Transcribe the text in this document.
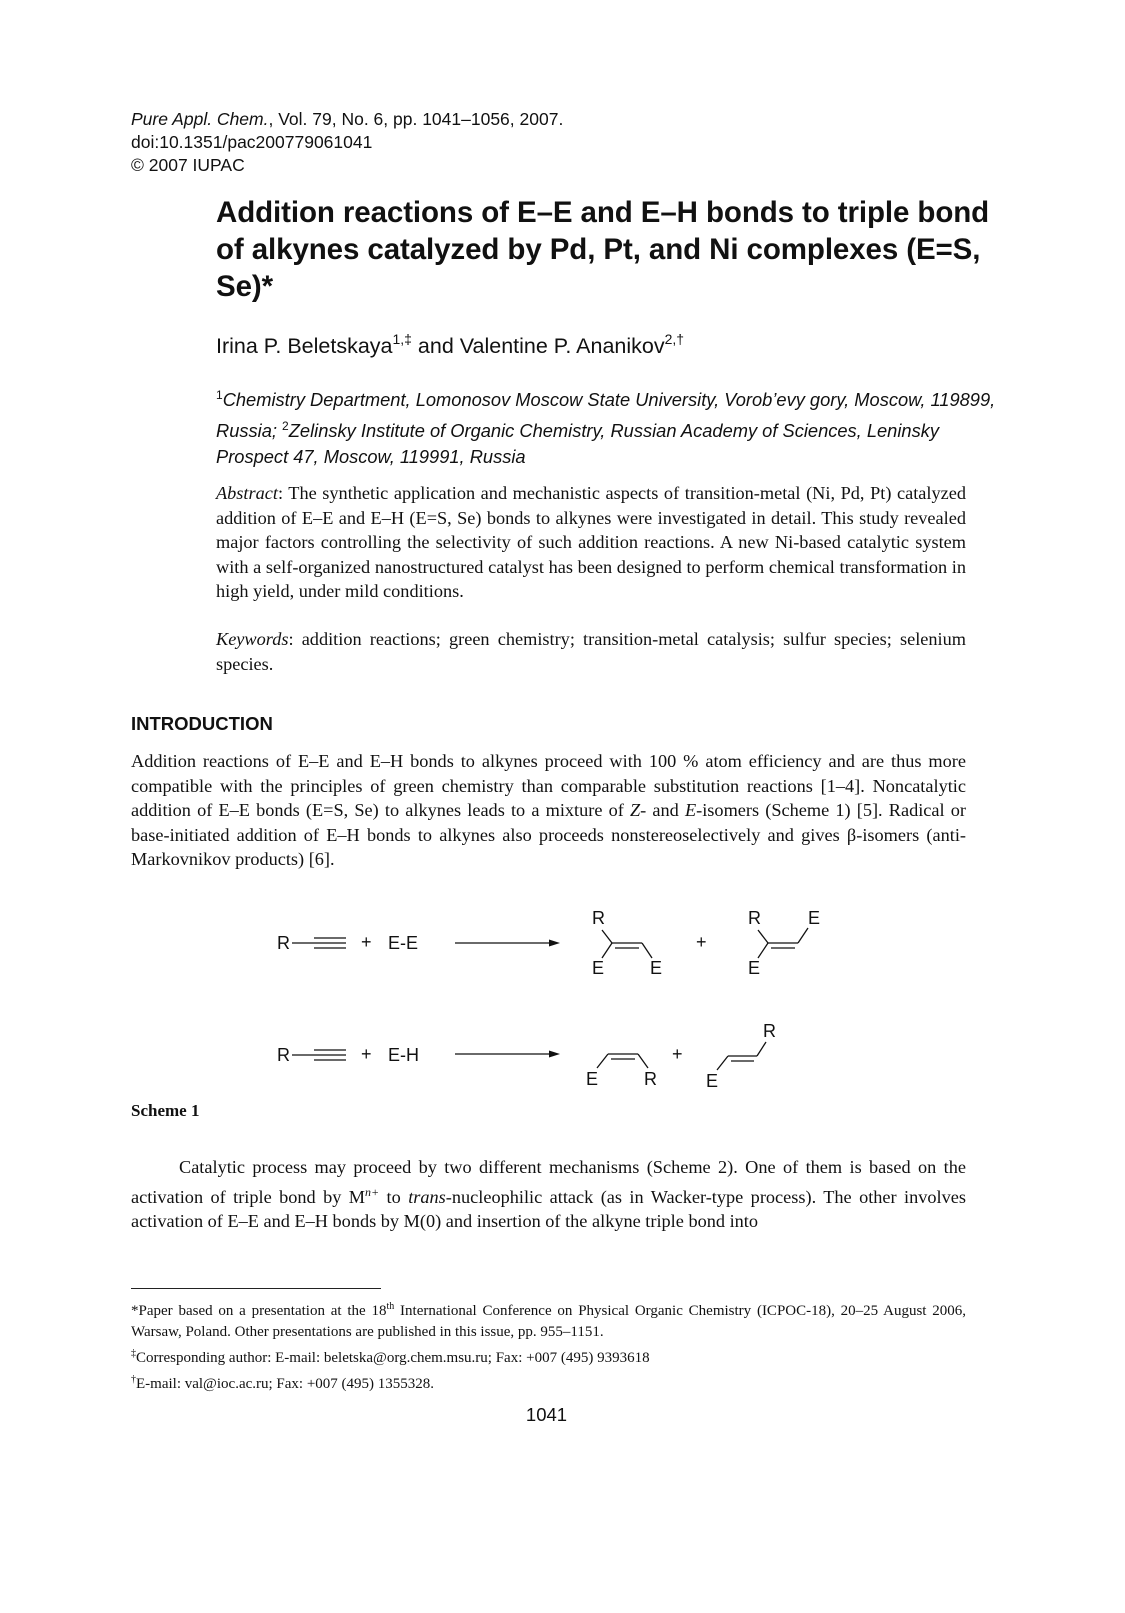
Pure Appl. Chem., Vol. 79, No. 6, pp. 1041–1056, 2007.
doi:10.1351/pac200779061041
© 2007 IUPAC
Addition reactions of E–E and E–H bonds to triple bond of alkynes catalyzed by Pd, Pt, and Ni complexes (E=S, Se)*
Irina P. Beletskaya$^{1,\ddagger}$ and Valentine P. Ananikov$^{2,\dagger}$
$^1$Chemistry Department, Lomonosov Moscow State University, Vorob’evy gory, Moscow, 119899, Russia; $^2$Zelinsky Institute of Organic Chemistry, Russian Academy of Sciences, Leninsky Prospect 47, Moscow, 119991, Russia
Abstract: The synthetic application and mechanistic aspects of transition-metal (Ni, Pd, Pt) catalyzed addition of E–E and E–H (E=S, Se) bonds to alkynes were investigated in detail. This study revealed major factors controlling the selectivity of such addition reactions. A new Ni-based catalytic system with a self-organized nanostructured catalyst has been designed to perform chemical transformation in high yield, under mild conditions.
Keywords: addition reactions; green chemistry; transition-metal catalysis; sulfur species; selenium species.
INTRODUCTION
Addition reactions of E–E and E–H bonds to alkynes proceed with 100 % atom efficiency and are thus more compatible with the principles of green chemistry than comparable substitution reactions [1–4]. Noncatalytic addition of E–E bonds (E=S, Se) to alkynes leads to a mixture of Z- and E-isomers (Scheme 1) [5]. Radical or base-initiated addition of E–H bonds to alkynes also proceeds nonstereoselectively and gives β-isomers (anti-Markovnikov products) [6].
R	+ E-E
R
E	E
+
R	E
E
R	+ E-H
E	R
+
E
R
Scheme 1

Catalytic process may proceed by two different mechanisms (Scheme 2). One of them is based on the activation of triple bond by $M^{n+}$ to trans-nucleophilic attack (as in Wacker-type process). The other involves activation of E–E and E–H bonds by M(0) and insertion of the alkyne triple bond into

*Paper based on a presentation at the 18th International Conference on Physical Organic Chemistry (ICPOC-18), 20–25 August 2006, Warsaw, Poland. Other presentations are published in this issue, pp. 955–1151.

‡Corresponding author: E-mail: beletska@org.chem.msu.ru; Fax: +007 (495) 9393618

†E-mail: val@ioc.ac.ru; Fax: +007 (495) 1355328.

1041
